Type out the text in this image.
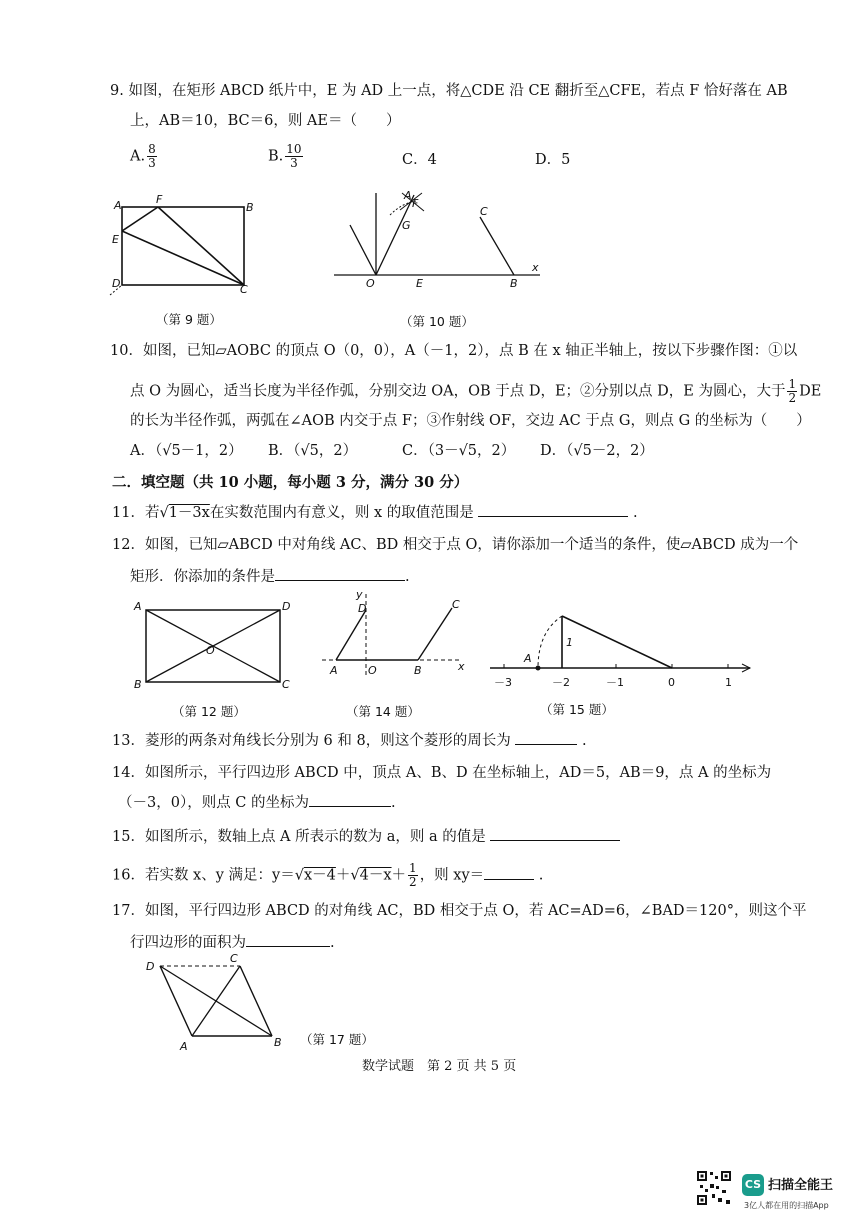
9. 如图，在矩形 ABCD 纸片中，E 为 AD 上一点，将△CDE 沿 CE 翻折至△CFE，若点 F 恰好落在 AB
上，AB＝10，BC＝6，则 AE＝（　　）
A. $\frac{8}{3}$	B. $\frac{10}{3}$	C．4	D．5
A	F
B
E
D	C
（第 9 题）
A
F
G
C
O	E	B
x
（第 10 题）
10．如图，已知▱AOBC 的顶点 O（0，0），A（－1，2），点 B 在 x 轴正半轴上，按以下步骤作图：①以
点 O 为圆心，适当长度为半径作弧，分别交边 OA，OB 于点 D，E；②分别以点 D，E 为圆心，大于 $\frac{1}{2}$ DE
的长为半径作弧，两弧在∠AOB 内交于点 F；③作射线 OF，交边 AC 于点 G，则点 G 的坐标为（　　）
A．（√5－1，2） B．（√5，2）	C．（3－√5，2） D．（√5－2，2）
二．填空题（共 10 小题，每小题 3 分，满分 30 分）
11．若√1－3x在实数范围内有意义，则 x 的取值范围是	.
12．如图，已知▱ABCD 中对角线 AC、BD 相交于点 O，请你添加一个适当的条件，使▱ABCD 成为一个
矩形．你添加的条件是	.
A	D
O
B	C
（第 12 题）
y
D	C
A	O	B	x
（第 14 题）
A
1
－3	－2	－1	0	1
（第 15 题）
13．菱形的两条对角线长分别为 6 和 8，则这个菱形的周长为	.
14．如图所示，平行四边形 ABCD 中，顶点 A、B、D 在坐标轴上，AD＝5，AB＝9，点 A 的坐标为
（－3，0），则点 C 的坐标为	.
15．如图所示，数轴上点 A 所表示的数为 a，则 a 的值是
16．若实数 x、y 满足：$y=√x-4+√4-x+ \frac{1}{2}$ ，则 xy＝	.
17．如图，平行四边形 ABCD 的对角线 AC，BD 相交于点 O，若 AC=AD=6，∠BAD＝120°，则这个平
行四边形的面积为	.
D
C
A	B （第 17 题）
数学试题　第 2 页 共 5 页
CS 扫描全能王
3亿人都在用的扫描App
